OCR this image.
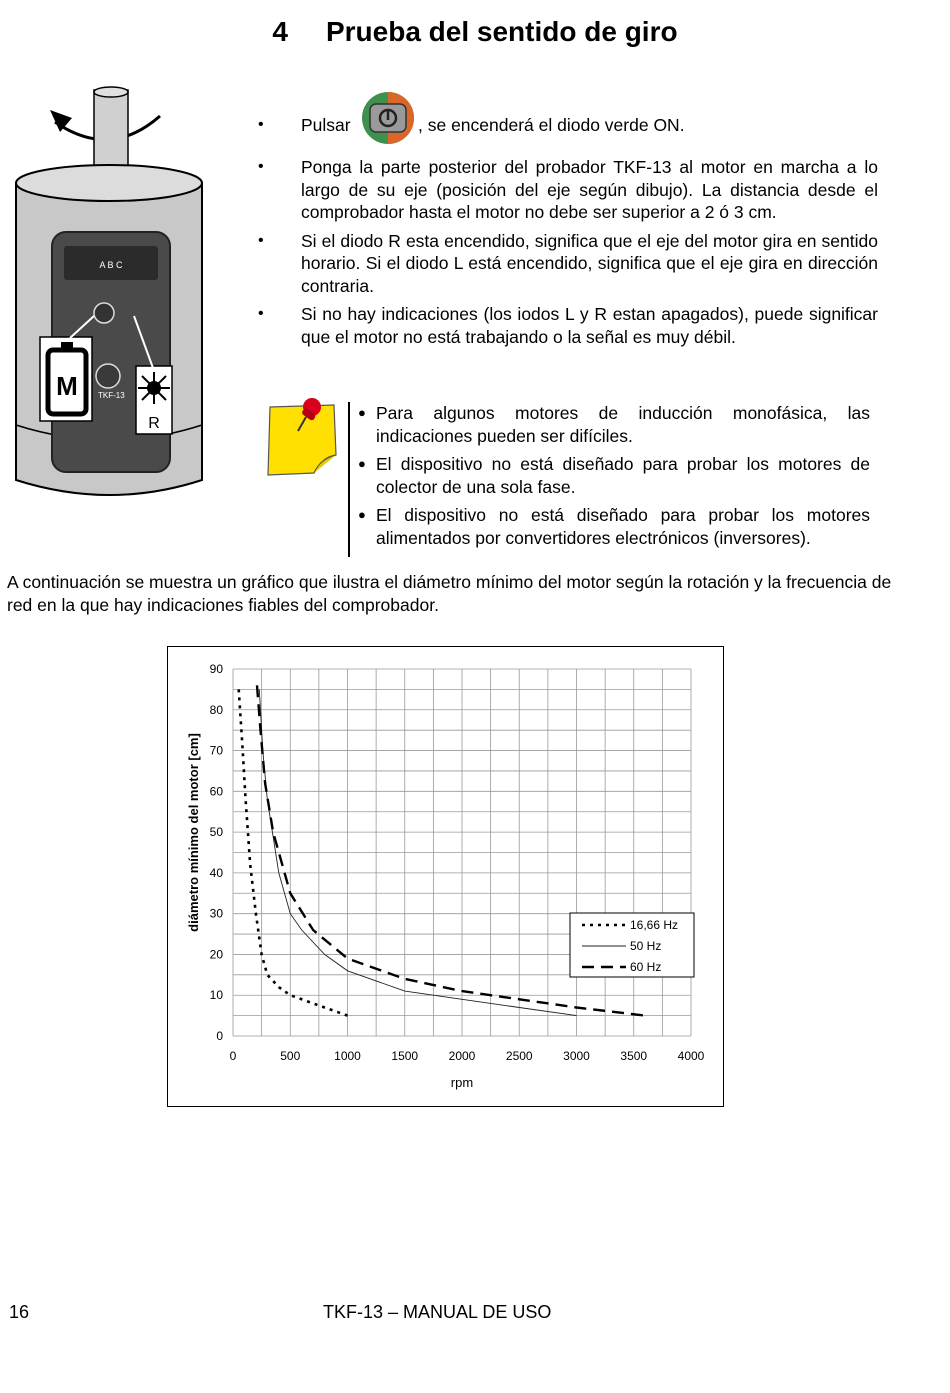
4 Prueba del sentido de giro
A B C
TKF-13
M
R
• Pulsar	, se encenderá el diodo verde ON.
• Ponga la parte posterior del probador TKF-13 al motor en marcha a lo largo de su eje (posición del eje según dibujo). La distancia desde el comprobador hasta el motor no debe ser superior a 2 ó 3 cm.
• Si el diodo R esta encendido, significa que el eje del motor gira en sentido horario. Si el diodo L está encendido, significa que el eje gira en dirección contraria.
• Si no hay indicaciones (los iodos L y R estan apagados), puede significar que el motor no está trabajando o la señal es muy débil.
● Para algunos motores de inducción monofásica, las indicaciones pueden ser difíciles.
● El dispositivo no está diseñado para probar los motores de colector de una sola fase.
● El dispositivo no está diseñado para probar los motores alimentados por convertidores electrónicos (inversores).
A continuación se muestra un gráfico que ilustra el diámetro mínimo del motor según la rotación y la frecuencia de red en la que hay indicaciones fiables del comprobador.
0	500	1000	1500	2000	2500	3000	3500	4000
0
10
20
30
40
50
60
70
80
90
rpm
diámetro mínimo del motor [cm]	16,66 Hz
50 Hz
60 Hz
16	TKF-13 – MANUAL DE USO
